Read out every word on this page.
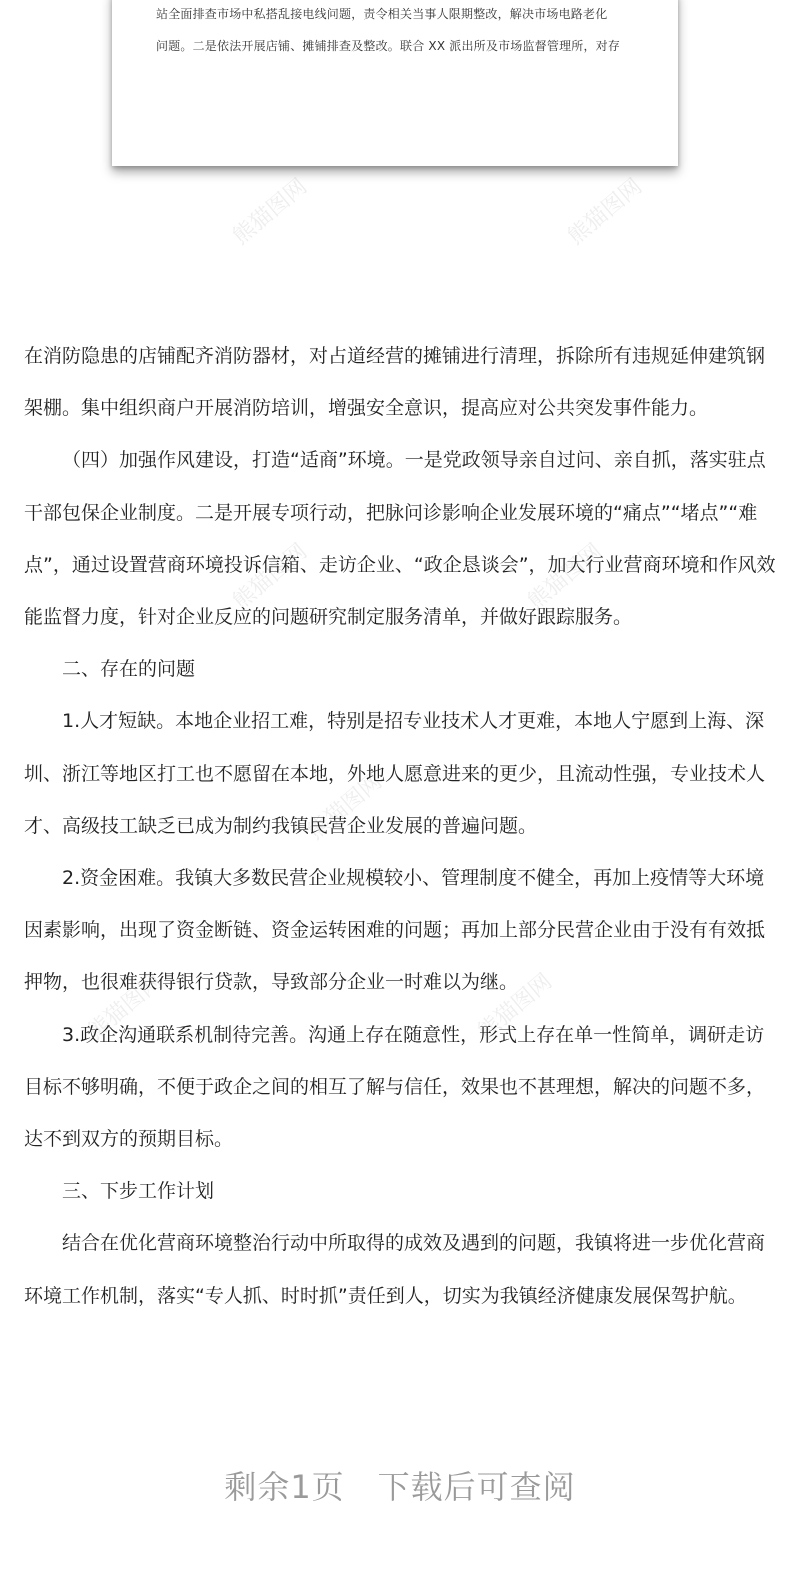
站全面排查市场中私搭乱接电线问题，责令相关当事人限期整改，解决市场电路老化
问题。二是依法开展店铺、摊铺排查及整改。联合 XX 派出所及市场监督管理所，对存
熊猫图网	熊猫图网
熊猫图网	熊猫图网
熊猫图网
熊猫图网	熊猫图网

在消防隐患的店铺配齐消防器材，对占道经营的摊铺进行清理，拆除所有违规延伸建筑钢架棚。集中组织商户开展消防培训，增强安全意识，提高应对公共突发事件能力。

（四）加强作风建设，打造“适商”环境。一是党政领导亲自过问、亲自抓，落实驻点干部包保企业制度。二是开展专项行动，把脉问诊影响企业发展环境的“痛点”“堵点”“难点”，通过设置营商环境投诉信箱、走访企业、“政企恳谈会”，加大行业营商环境和作风效能监督力度，针对企业反应的问题研究制定服务清单，并做好跟踪服务。

二、存在的问题

1.人才短缺。本地企业招工难，特别是招专业技术人才更难，本地人宁愿到上海、深圳、浙江等地区打工也不愿留在本地，外地人愿意进来的更少，且流动性强，专业技术人才、高级技工缺乏已成为制约我镇民营企业发展的普遍问题。

2.资金困难。我镇大多数民营企业规模较小、管理制度不健全，再加上疫情等大环境因素影响，出现了资金断链、资金运转困难的问题；再加上部分民营企业由于没有有效抵押物，也很难获得银行贷款，导致部分企业一时难以为继。

3.政企沟通联系机制待完善。沟通上存在随意性，形式上存在单一性简单，调研走访目标不够明确，不便于政企之间的相互了解与信任，效果也不甚理想，解决的问题不多，达不到双方的预期目标。

三、下步工作计划

结合在优化营商环境整治行动中所取得的成效及遇到的问题，我镇将进一步优化营商环境工作机制，落实“专人抓、时时抓”责任到人，切实为我镇经济健康发展保驾护航。

剩余1页　下载后可查阅
